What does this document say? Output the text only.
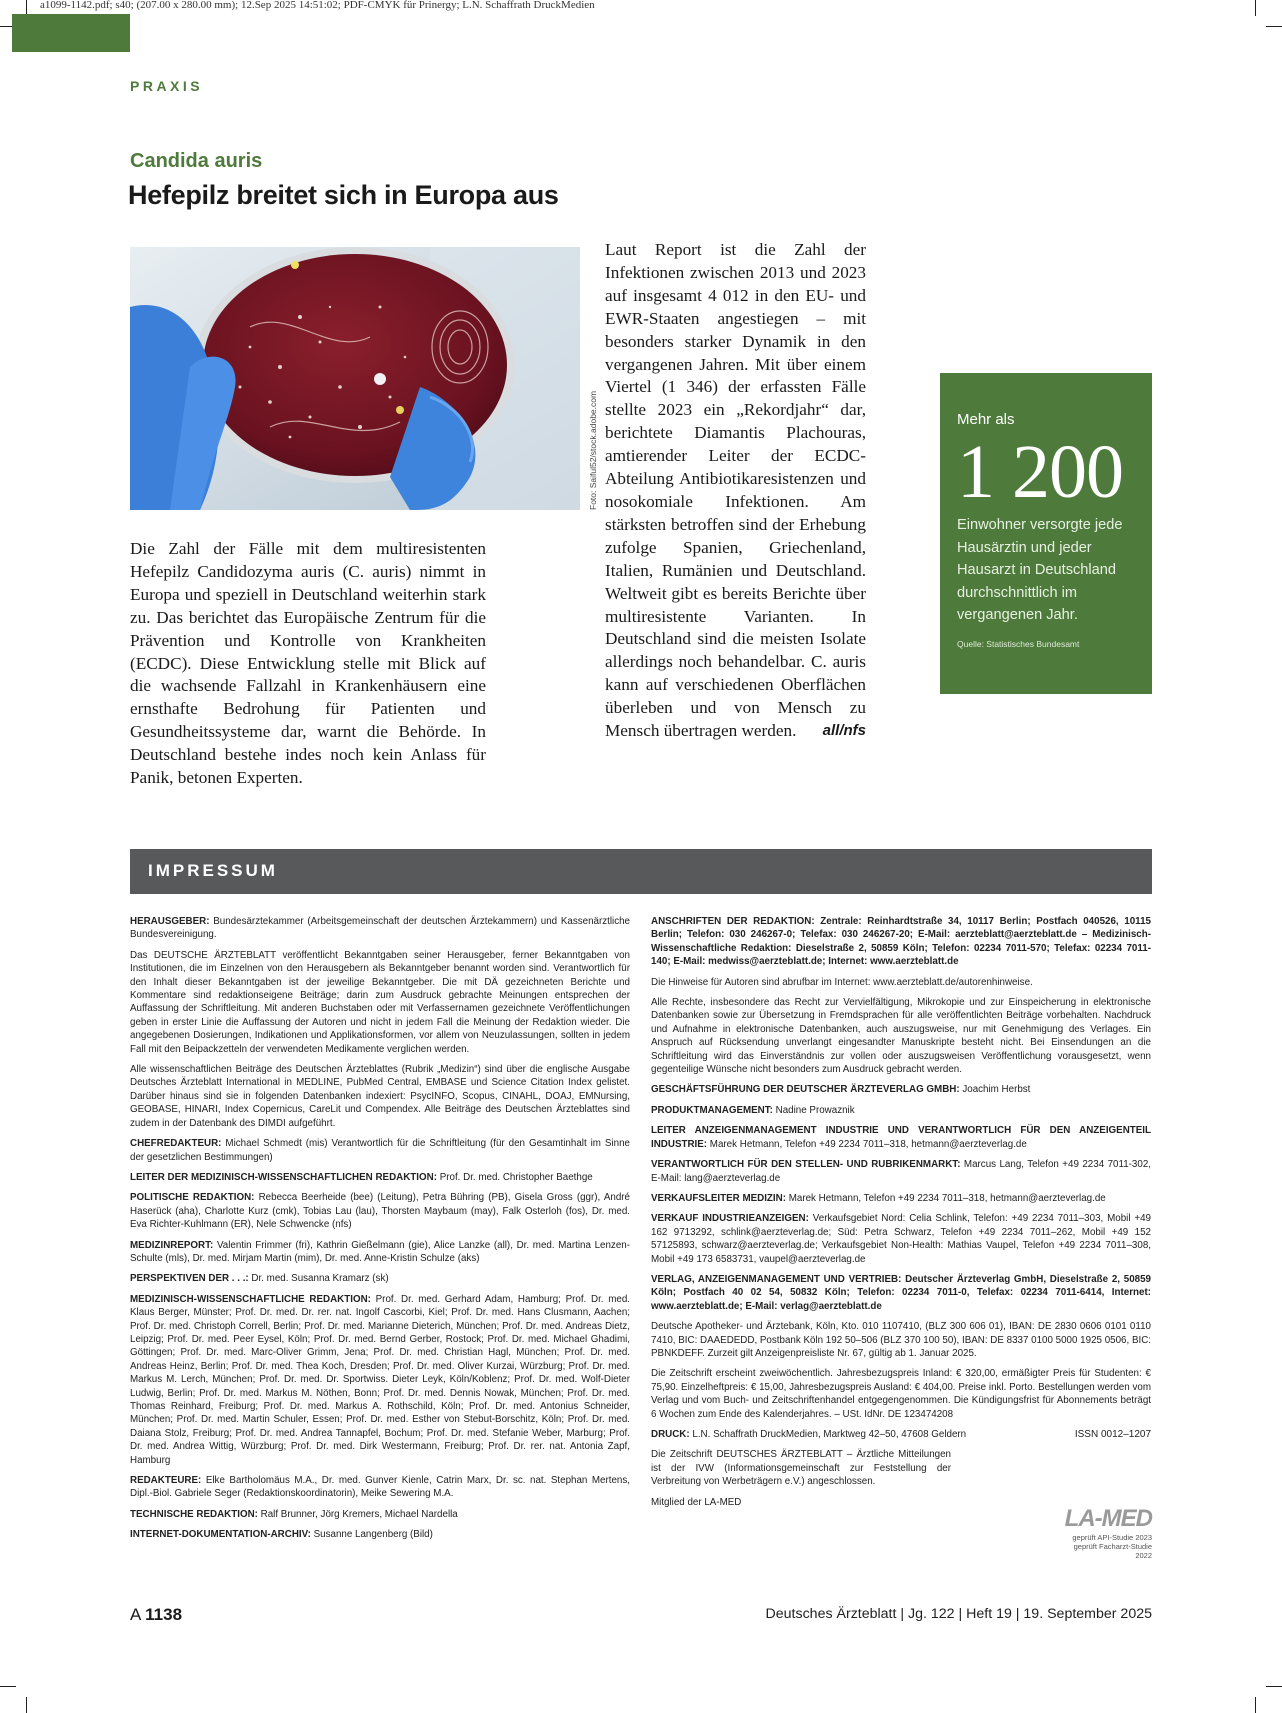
a1099-1142.pdf; s40; (207.00 x 280.00 mm); 12.Sep 2025 14:51:02; PDF-CMYK für Prinergy; L.N. Schaffrath DruckMedien
PRAXIS
Candida auris
Hefepilz breitet sich in Europa aus
Foto: Saiful52/stock.adobe.com
Die Zahl der Fälle mit dem multiresistenten Hefepilz Candidozyma auris (C. auris) nimmt in Europa und speziell in Deutschland weiterhin stark zu. Das berichtet das Europäische Zentrum für die Prävention und Kontrolle von Krankheiten (ECDC). Diese Entwicklung stelle mit Blick auf die wachsende Fallzahl in Krankenhäusern eine ernsthafte Bedrohung für Patienten und Gesundheitssysteme dar, warnt die Behörde. In Deutschland bestehe indes noch kein Anlass für Panik, betonen Experten.
Laut Report ist die Zahl der Infektionen zwischen 2013 und 2023 auf insgesamt 4 012 in den EU- und EWR-Staaten angestiegen – mit besonders starker Dynamik in den vergangenen Jahren. Mit über einem Viertel (1 346) der erfassten Fälle stellte 2023 ein „Rekordjahr“ dar, berichtete Diamantis Plachouras, amtierender Leiter der ECDC-Abteilung Antibiotikaresistenzen und nosokomiale Infektionen. Am stärksten betroffen sind der Erhebung zufolge Spanien, Griechenland, Italien, Rumänien und Deutschland. Weltweit gibt es bereits Berichte über multiresistente Varianten. In Deutschland sind die meisten Isolate allerdings noch behandelbar. C. auris kann auf verschiedenen Oberflächen überleben und von Mensch zu Mensch übertragen werden. all/nfs
Mehr als
1 200
Einwohner versorgte jede Hausärztin und jeder Hausarzt in Deutschland durchschnittlich im vergangenen Jahr.
Quelle: Statistisches Bundesamt
IMPRESSUM

HERAUSGEBER: Bundesärztekammer (Arbeitsgemeinschaft der deutschen Ärztekammern) und Kassenärztliche Bundesvereinigung.

Das DEUTSCHE ÄRZTEBLATT veröffentlicht Bekanntgaben seiner Herausgeber, ferner Bekanntgaben von Institutionen, die im Einzelnen von den Herausgebern als Bekanntgeber benannt worden sind. Verantwortlich für den Inhalt dieser Bekanntgaben ist der jeweilige Bekanntgeber. Die mit DÄ gezeichneten Berichte und Kommentare sind redaktionseigene Beiträge; darin zum Ausdruck gebrachte Meinungen entsprechen der Auffassung der Schriftleitung. Mit anderen Buchstaben oder mit Verfassernamen gezeichnete Veröffentlichungen geben in erster Linie die Auffassung der Autoren und nicht in jedem Fall die Meinung der Redaktion wieder. Die angegebenen Dosierungen, Indikationen und Applikationsformen, vor allem von Neuzulassungen, sollten in jedem Fall mit den Beipackzetteln der verwendeten Medikamente verglichen werden.

Alle wissenschaftlichen Beiträge des Deutschen Ärzteblattes (Rubrik „Medizin“) sind über die englische Ausgabe Deutsches Ärzteblatt International in MEDLINE, PubMed Central, EMBASE und Science Citation Index gelistet. Darüber hinaus sind sie in folgenden Datenbanken indexiert: PsycINFO, Scopus, CINAHL, DOAJ, EMNursing, GEOBASE, HINARI, Index Copernicus, CareLit und Compendex. Alle Beiträge des Deutschen Ärzteblattes sind zudem in der Datenbank des DIMDI aufgeführt.

CHEFREDAKTEUR: Michael Schmedt (mis) Verantwortlich für die Schriftleitung (für den Gesamtinhalt im Sinne der gesetzlichen Bestimmungen)

LEITER DER MEDIZINISCH-WISSENSCHAFTLICHEN REDAKTION: Prof. Dr. med. Christopher Baethge

POLITISCHE REDAKTION: Rebecca Beerheide (bee) (Leitung), Petra Bühring (PB), Gisela Gross (ggr), André Haserück (aha), Charlotte Kurz (cmk), Tobias Lau (lau), Thorsten Maybaum (may), Falk Osterloh (fos), Dr. med. Eva Richter-Kuhlmann (ER), Nele Schwencke (nfs)

MEDIZINREPORT: Valentin Frimmer (fri), Kathrin Gießelmann (gie), Alice Lanzke (all), Dr. med. Martina Lenzen-Schulte (mls), Dr. med. Mirjam Martin (mim), Dr. med. Anne-Kristin Schulze (aks)

PERSPEKTIVEN DER . . .: Dr. med. Susanna Kramarz (sk)

MEDIZINISCH-WISSENSCHAFTLICHE REDAKTION: Prof. Dr. med. Gerhard Adam, Hamburg; Prof. Dr. med. Klaus Berger, Münster; Prof. Dr. med. Dr. rer. nat. Ingolf Cascorbi, Kiel; Prof. Dr. med. Hans Clusmann, Aachen; Prof. Dr. med. Christoph Correll, Berlin; Prof. Dr. med. Marianne Dieterich, München; Prof. Dr. med. Andreas Dietz, Leipzig; Prof. Dr. med. Peer Eysel, Köln; Prof. Dr. med. Bernd Gerber, Rostock; Prof. Dr. med. Michael Ghadimi, Göttingen; Prof. Dr. med. Marc-Oliver Grimm, Jena; Prof. Dr. med. Christian Hagl, München; Prof. Dr. med. Andreas Heinz, Berlin; Prof. Dr. med. Thea Koch, Dresden; Prof. Dr. med. Oliver Kurzai, Würzburg; Prof. Dr. med. Markus M. Lerch, München; Prof. Dr. med. Dr. Sportwiss. Dieter Leyk, Köln/Koblenz; Prof. Dr. med. Wolf-Dieter Ludwig, Berlin; Prof. Dr. med. Markus M. Nöthen, Bonn; Prof. Dr. med. Dennis Nowak, München; Prof. Dr. med. Thomas Reinhard, Freiburg; Prof. Dr. med. Markus A. Rothschild, Köln; Prof. Dr. med. Antonius Schneider, München; Prof. Dr. med. Martin Schuler, Essen; Prof. Dr. med. Esther von Stebut-Borschitz, Köln; Prof. Dr. med. Daiana Stolz, Freiburg; Prof. Dr. med. Andrea Tannapfel, Bochum; Prof. Dr. med. Stefanie Weber, Marburg; Prof. Dr. med. Andrea Wittig, Würzburg; Prof. Dr. med. Dirk Westermann, Freiburg; Prof. Dr. rer. nat. Antonia Zapf, Hamburg

REDAKTEURE: Elke Bartholomäus M.A., Dr. med. Gunver Kienle, Catrin Marx, Dr. sc. nat. Stephan Mertens, Dipl.-Biol. Gabriele Seger (Redaktionskoordinatorin), Meike Sewering M.A.

TECHNISCHE REDAKTION: Ralf Brunner, Jörg Kremers, Michael Nardella

INTERNET-DOKUMENTATION-ARCHIV: Susanne Langenberg (Bild)

ANSCHRIFTEN DER REDAKTION: Zentrale: Reinhardtstraße 34, 10117 Berlin; Postfach 040526, 10115 Berlin; Telefon: 030 246267-0; Telefax: 030 246267-20; E-Mail: aerzteblatt@aerzteblatt.de – Medizinisch-Wissenschaftliche Redaktion: Dieselstraße 2, 50859 Köln; Telefon: 02234 7011-570; Telefax: 02234 7011-140; E-Mail: medwiss@aerzteblatt.de; Internet: www.aerzteblatt.de

Die Hinweise für Autoren sind abrufbar im Internet: www.aerzteblatt.de/autorenhinweise.

Alle Rechte, insbesondere das Recht zur Vervielfältigung, Mikrokopie und zur Einspeicherung in elektronische Datenbanken sowie zur Übersetzung in Fremdsprachen für alle veröffentlichten Beiträge vorbehalten. Nachdruck und Aufnahme in elektronische Datenbanken, auch auszugsweise, nur mit Genehmigung des Verlages. Ein Anspruch auf Rücksendung unverlangt eingesandter Manuskripte besteht nicht. Bei Einsendungen an die Schriftleitung wird das Einverständnis zur vollen oder auszugsweisen Veröffentlichung vorausgesetzt, wenn gegenteilige Wünsche nicht besonders zum Ausdruck gebracht werden.

GESCHÄFTSFÜHRUNG DER DEUTSCHER ÄRZTEVERLAG GMBH: Joachim Herbst

PRODUKTMANAGEMENT: Nadine Prowaznik

LEITER ANZEIGENMANAGEMENT INDUSTRIE UND VERANTWORTLICH FÜR DEN ANZEIGENTEIL INDUSTRIE: Marek Hetmann, Telefon +49 2234 7011–318, hetmann@aerzteverlag.de

VERANTWORTLICH FÜR DEN STELLEN- UND RUBRIKENMARKT: Marcus Lang, Telefon +49 2234 7011-302, E-Mail: lang@aerzteverlag.de

VERKAUFSLEITER MEDIZIN: Marek Hetmann, Telefon +49 2234 7011–318, hetmann@aerzteverlag.de

VERKAUF INDUSTRIEANZEIGEN: Verkaufsgebiet Nord: Celia Schlink, Telefon: +49 2234 7011–303, Mobil +49 162 9713292, schlink@aerzteverlag.de; Süd: Petra Schwarz, Telefon +49 2234 7011–262, Mobil +49 152 57125893, schwarz@aerzteverlag.de; Verkaufsgebiet Non-Health: Mathias Vaupel, Telefon +49 2234 7011–308, Mobil +49 173 6583731, vaupel@aerzteverlag.de

VERLAG, ANZEIGENMANAGEMENT UND VERTRIEB: Deutscher Ärzteverlag GmbH, Dieselstraße 2, 50859 Köln; Postfach 40 02 54, 50832 Köln; Telefon: 02234 7011-0, Telefax: 02234 7011-6414, Internet: www.aerzteblatt.de; E-Mail: verlag@aerzteblatt.de

Deutsche Apotheker- und Ärztebank, Köln, Kto. 010 1107410, (BLZ 300 606 01), IBAN: DE 2830 0606 0101 0110 7410, BIC: DAAEDEDD, Postbank Köln 192 50–506 (BLZ 370 100 50), IBAN: DE 8337 0100 5000 1925 0506, BIC: PBNKDEFF. Zurzeit gilt Anzeigenpreisliste Nr. 67, gültig ab 1. Januar 2025.

Die Zeitschrift erscheint zweiwöchentlich. Jahresbezugspreis Inland: € 320,00, ermäßigter Preis für Studenten: € 75,90. Einzelheftpreis: € 15,00, Jahresbezugspreis Ausland: € 404,00. Preise inkl. Porto. Bestellungen werden vom Verlag und vom Buch- und Zeitschriftenhandel entgegengenommen. Die Kündigungsfrist für Abonnements beträgt 6 Wochen zum Ende des Kalenderjahres. – USt. IdNr. DE 123474208

DRUCK: L.N. Schaffrath DruckMedien, Marktweg 42–50, 47608 Geldern	ISSN 0012–1207

Die Zeitschrift DEUTSCHES ÄRZTEBLATT – Ärztliche Mitteilungen ist der IVW (Informationsgemeinschaft zur Feststellung der Verbreitung von Werbeträgern e.V.) angeschlossen.

Mitglied der LA-MED

LA-MED
geprüft API-Studie 2023
geprüft Facharzt-Studie 2022
A 1138	Deutsches Ärzteblatt | Jg. 122 | Heft 19 | 19. September 2025
